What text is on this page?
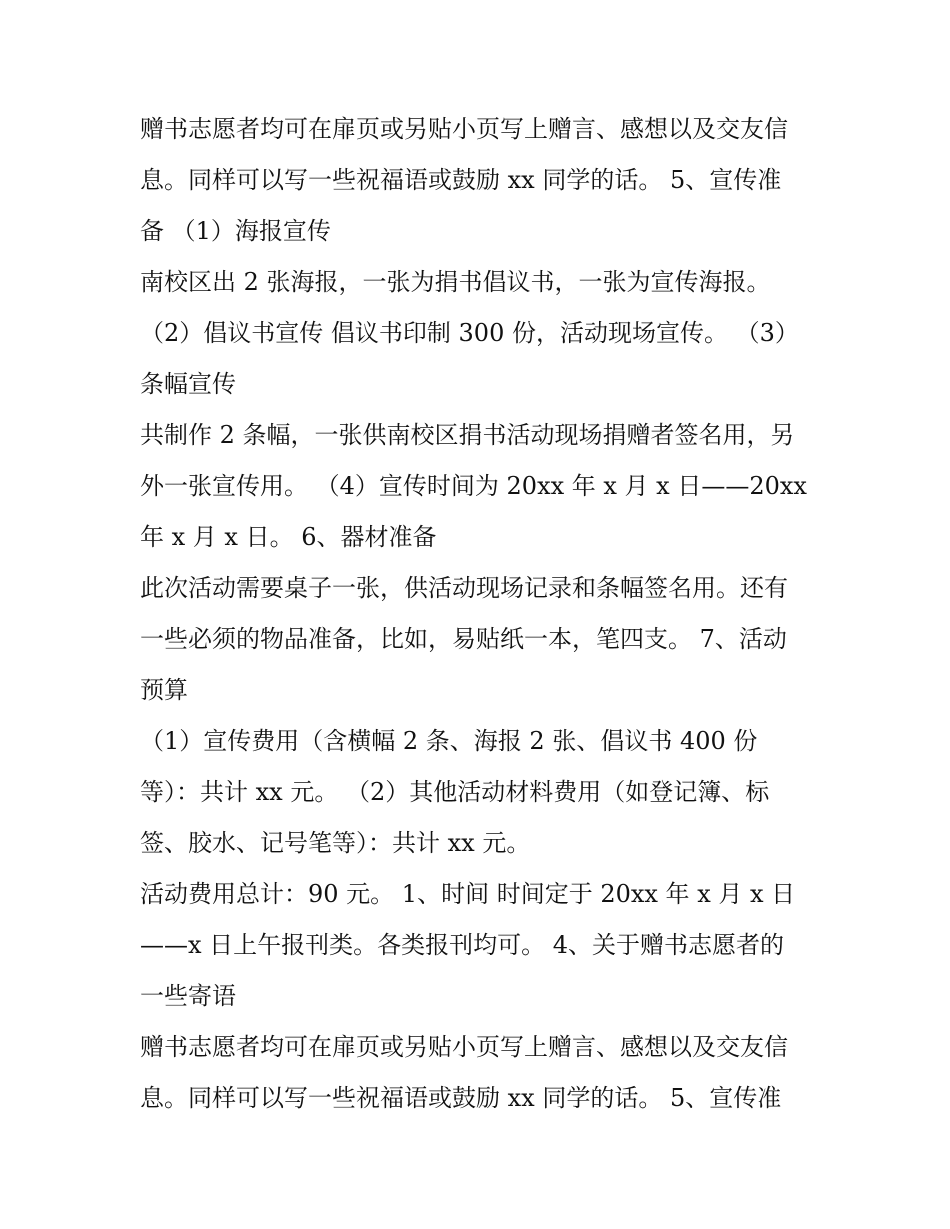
赠书志愿者均可在扉页或另贴小页写上赠言、感想以及交友信
息。同样可以写一些祝福语或鼓励 xx 同学的话。 5、宣传准
备 （1）海报宣传
南校区出 2 张海报，一张为捐书倡议书，一张为宣传海报。
（2）倡议书宣传 倡议书印制 300 份，活动现场宣传。 （3）
条幅宣传
共制作 2 条幅，一张供南校区捐书活动现场捐赠者签名用，另
外一张宣传用。 （4）宣传时间为 20xx 年 x 月 x 日——20xx
年 x 月 x 日。 6、器材准备
此次活动需要桌子一张，供活动现场记录和条幅签名用。还有
一些必须的物品准备，比如，易贴纸一本，笔四支。 7、活动
预算
（1）宣传费用（含横幅 2 条、海报 2 张、倡议书 400 份
等）：共计 xx 元。 （2）其他活动材料费用（如登记簿、标
签、胶水、记号笔等）：共计 xx 元。
活动费用总计：90 元。 1、时间 时间定于 20xx 年 x 月 x 日
——x 日上午报刊类。各类报刊均可。 4、关于赠书志愿者的
一些寄语
赠书志愿者均可在扉页或另贴小页写上赠言、感想以及交友信
息。同样可以写一些祝福语或鼓励 xx 同学的话。 5、宣传准
